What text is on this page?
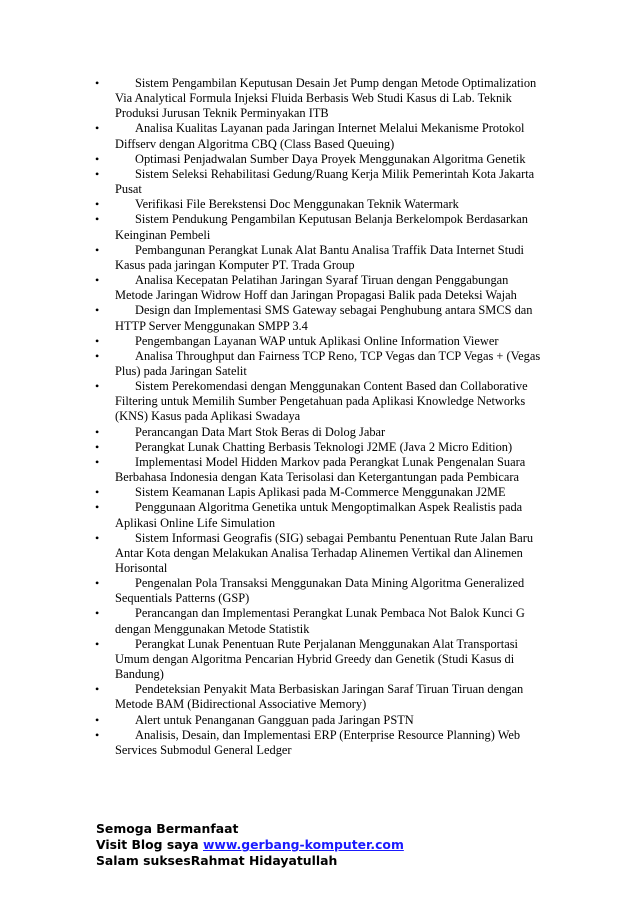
•	Sistem Pengambilan Keputusan Desain Jet Pump dengan Metode Optimalization Via Analytical Formula Injeksi Fluida Berbasis Web Studi Kasus di Lab. Teknik Produksi Jurusan Teknik Perminyakan ITB
•	Analisa Kualitas Layanan pada Jaringan Internet Melalui Mekanisme Protokol Diffserv dengan Algoritma CBQ (Class Based Queuing)
•	Optimasi Penjadwalan Sumber Daya Proyek Menggunakan Algoritma Genetik
•	Sistem Seleksi Rehabilitasi Gedung/Ruang Kerja Milik Pemerintah Kota Jakarta Pusat
•	Verifikasi File Berekstensi Doc Menggunakan Teknik Watermark
•	Sistem Pendukung Pengambilan Keputusan Belanja Berkelompok Berdasarkan Keinginan Pembeli
•	Pembangunan Perangkat Lunak Alat Bantu Analisa Traffik Data Internet Studi Kasus pada jaringan Komputer PT. Trada Group
•	Analisa Kecepatan Pelatihan Jaringan Syaraf Tiruan dengan Penggabungan Metode Jaringan Widrow Hoff dan Jaringan Propagasi Balik pada Deteksi Wajah
•	Design dan Implementasi SMS Gateway sebagai Penghubung antara SMCS dan HTTP Server Menggunakan SMPP 3.4
•	Pengembangan Layanan WAP untuk Aplikasi Online Information Viewer
•	Analisa Throughput dan Fairness TCP Reno, TCP Vegas dan TCP Vegas + (Vegas Plus) pada Jaringan Satelit
•	Sistem Perekomendasi dengan Menggunakan Content Based dan Collaborative Filtering untuk Memilih Sumber Pengetahuan pada Aplikasi Knowledge Networks (KNS) Kasus pada Aplikasi Swadaya
•	Perancangan Data Mart Stok Beras di Dolog Jabar
•	Perangkat Lunak Chatting Berbasis Teknologi J2ME (Java 2 Micro Edition)
•	Implementasi Model Hidden Markov pada Perangkat Lunak Pengenalan Suara Berbahasa Indonesia dengan Kata Terisolasi dan Ketergantungan pada Pembicara
•	Sistem Keamanan Lapis Aplikasi pada M-Commerce Menggunakan J2ME
•	Penggunaan Algoritma Genetika untuk Mengoptimalkan Aspek Realistis pada Aplikasi Online Life Simulation
•	Sistem Informasi Geografis (SIG) sebagai Pembantu Penentuan Rute Jalan Baru Antar Kota dengan Melakukan Analisa Terhadap Alinemen Vertikal dan Alinemen Horisontal
•	Pengenalan Pola Transaksi Menggunakan Data Mining Algoritma Generalized Sequentials Patterns (GSP)
•	Perancangan dan Implementasi Perangkat Lunak Pembaca Not Balok Kunci G dengan Menggunakan Metode Statistik
•	Perangkat Lunak Penentuan Rute Perjalanan Menggunakan Alat Transportasi Umum dengan Algoritma Pencarian Hybrid Greedy dan Genetik (Studi Kasus di Bandung)
•	Pendeteksian Penyakit Mata Berbasiskan Jaringan Saraf Tiruan Tiruan dengan Metode BAM (Bidirectional Associative Memory)
•	Alert untuk Penanganan Gangguan pada Jaringan PSTN
•	Analisis, Desain, dan Implementasi ERP (Enterprise Resource Planning) Web Services Submodul General Ledger
Semoga Bermanfaat
Visit Blog saya www.gerbang-komputer.com
Salam suksesRahmat Hidayatullah
